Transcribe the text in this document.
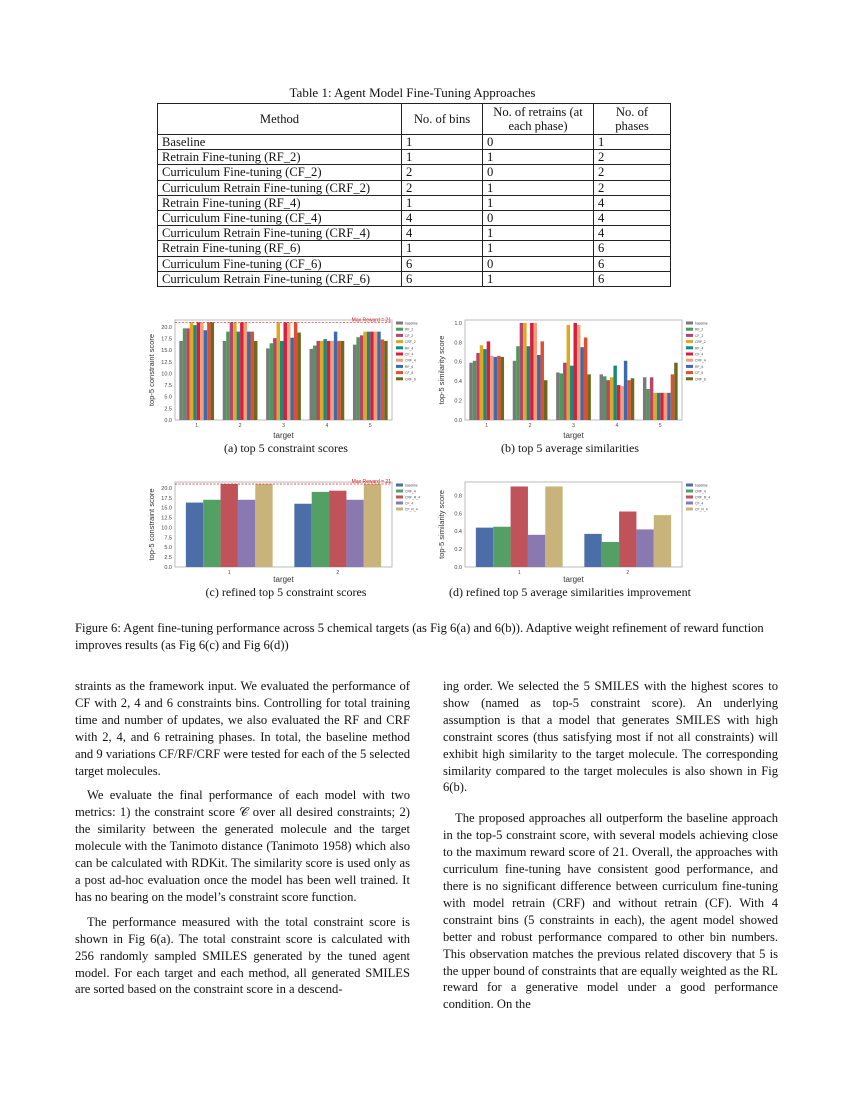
Table 1: Agent Model Fine-Tuning Approaches
Method	No. of bins	No. of retrains (at each phase)	No. of phases
Baseline	1	0	1
Retrain Fine-tuning (RF_2)	1	1	2
Curriculum Fine-tuning (CF_2)	2	0	2
Curriculum Retrain Fine-tuning (CRF_2)	2	1	2
Retrain Fine-tuning (RF_4)	1	1	4
Curriculum Fine-tuning (CF_4)	4	0	4
Curriculum Retrain Fine-tuning (CRF_4)	4	1	4
Retrain Fine-tuning (RF_6)	1	1	6
Curriculum Fine-tuning (CF_6)	6	0	6
Curriculum Retrain Fine-tuning (CRF_6)	6	1	6
0.0
2.5
5.0
7.5
10.0
12.5
15.0
17.5
20.0
baseline
RF_2
CF_2
CRF_2
RF_4
CF_4
CRF_4
RF_6
CF_6
CRF_6
1	2	3	4	5
Max Reward = 21
target
top-5 constraint score
0.0
0.2
0.4
0.6
0.8
1.0	baseline
RF_2
CF_2
CRF_2
RF_4
CF_4
CRF_4
RF_6
CF_6
CRF_6
1	2	3	4	5
target
top-5 similarity score
0.0
2.5
5.0
7.5
10.0
12.5
15.0
17.5
20.0
baseline
CRF_4
CRF_R_4
CF_4
CF_R_4
1	2
Max Reward = 21
target
top-5 constraint score
0.0
0.2
0.4
0.6
0.8
baseline
CRF_4
CRF_R_4
CF_4
CF_R_4
1	2
target
top-5 similarity score
(a) top 5 constraint scores	(b) top 5 average similarities
(c) refined top 5 constraint scores	(d) refined top 5 average similarities improvement
Figure 6: Agent fine-tuning performance across 5 chemical targets (as Fig 6(a) and 6(b)). Adaptive weight refinement of reward function improves results (as Fig 6(c) and Fig 6(d))

straints as the framework input. We evaluated the performance of CF with 2, 4 and 6 constraints bins. Controlling for total training time and number of updates, we also evaluated the RF and CRF with 2, 4, and 6 retraining phases. In total, the baseline method and 9 variations CF/RF/CRF were tested for each of the 5 selected target molecules.

We evaluate the final performance of each model with two metrics: 1) the constraint score 𝒞 over all desired constraints; 2) the similarity between the generated molecule and the target molecule with the Tanimoto distance (Tanimoto 1958) which also can be calculated with RDKit. The similarity score is used only as a post ad-hoc evaluation once the model has been well trained. It has no bearing on the model’s constraint score function.

The performance measured with the total constraint score is shown in Fig 6(a). The total constraint score is calculated with 256 randomly sampled SMILES generated by the tuned agent model. For each target and each method, all generated SMILES are sorted based on the constraint score in a descend-

ing order. We selected the 5 SMILES with the highest scores to show (named as top-5 constraint score). An underlying assumption is that a model that generates SMILES with high constraint scores (thus satisfying most if not all constraints) will exhibit high similarity to the target molecule. The corresponding similarity compared to the target molecules is also shown in Fig 6(b).

The proposed approaches all outperform the baseline approach in the top-5 constraint score, with several models achieving close to the maximum reward score of 21. Overall, the approaches with curriculum fine-tuning have consistent good performance, and there is no significant difference between curriculum fine-tuning with model retrain (CRF) and without retrain (CF). With 4 constraint bins (5 constraints in each), the agent model showed better and robust performance compared to other bin numbers. This observation matches the previous related discovery that 5 is the upper bound of constraints that are equally weighted as the RL reward for a generative model under a good performance condition. On the
